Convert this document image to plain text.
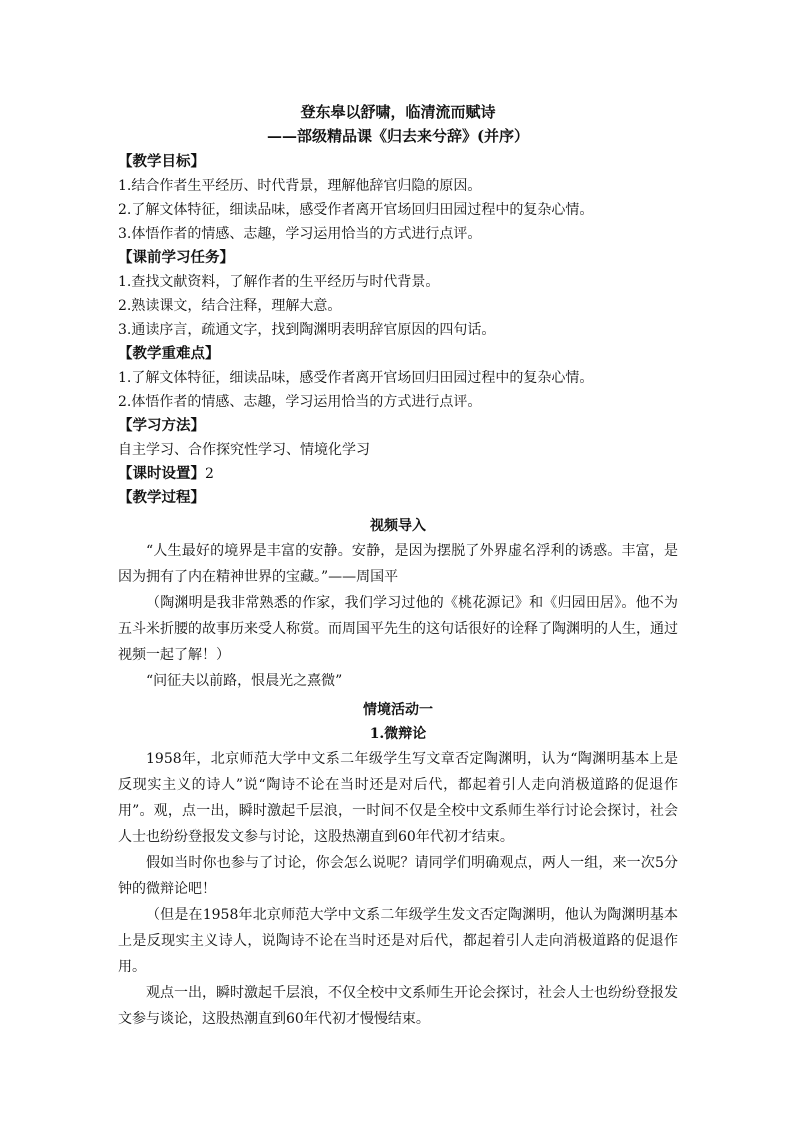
登东皋以舒啸，临清流而赋诗
——部级精品课《归去来兮辞》(并序）
【教学目标】
1.结合作者生平经历、时代背景，理解他辞官归隐的原因。
2.了解文体特征，细读品味，感受作者离开官场回归田园过程中的复杂心情。
3.体悟作者的情感、志趣，学习运用恰当的方式进行点评。
【课前学习任务】
1.查找文献资料，了解作者的生平经历与时代背景。
2.熟读课文，结合注释，理解大意。
3.通读序言，疏通文字，找到陶渊明表明辞官原因的四句话。
【教学重难点】
1.了解文体特征，细读品味，感受作者离开官场回归田园过程中的复杂心情。
2.体悟作者的情感、志趣，学习运用恰当的方式进行点评。
【学习方法】
自主学习、合作探究性学习、情境化学习
【课时设置】2
【教学过程】
视频导入
“人生最好的境界是丰富的安静。安静，是因为摆脱了外界虚名浮利的诱惑。丰富，是因为拥有了内在精神世界的宝藏。”——周国平
（陶渊明是我非常熟悉的作家，我们学习过他的《桃花源记》和《归园田居》。他不为五斗米折腰的故事历来受人称赏。而周国平先生的这句话很好的诠释了陶渊明的人生，通过视频一起了解！）
“问征夫以前路，恨晨光之熹微”
情境活动一
1.微辩论
1958年，北京师范大学中文系二年级学生写文章否定陶渊明，认为“陶渊明基本上是反现实主义的诗人”说“陶诗不论在当时还是对后代，都起着引人走向消极道路的促退作用”。观，点一出，瞬时激起千层浪，一时间不仅是全校中文系师生举行讨论会探讨，社会人士也纷纷登报发文参与讨论，这股热潮直到60年代初才结束。
假如当时你也参与了讨论，你会怎么说呢？请同学们明确观点，两人一组，来一次5分钟的微辩论吧！
（但是在1958年北京师范大学中文系二年级学生发文否定陶渊明，他认为陶渊明基本上是反现实主义诗人，说陶诗不论在当时还是对后代，都起着引人走向消极道路的促退作用。
观点一出，瞬时激起千层浪，不仅全校中文系师生开论会探讨，社会人士也纷纷登报发文参与谈论，这股热潮直到60年代初才慢慢结束。
